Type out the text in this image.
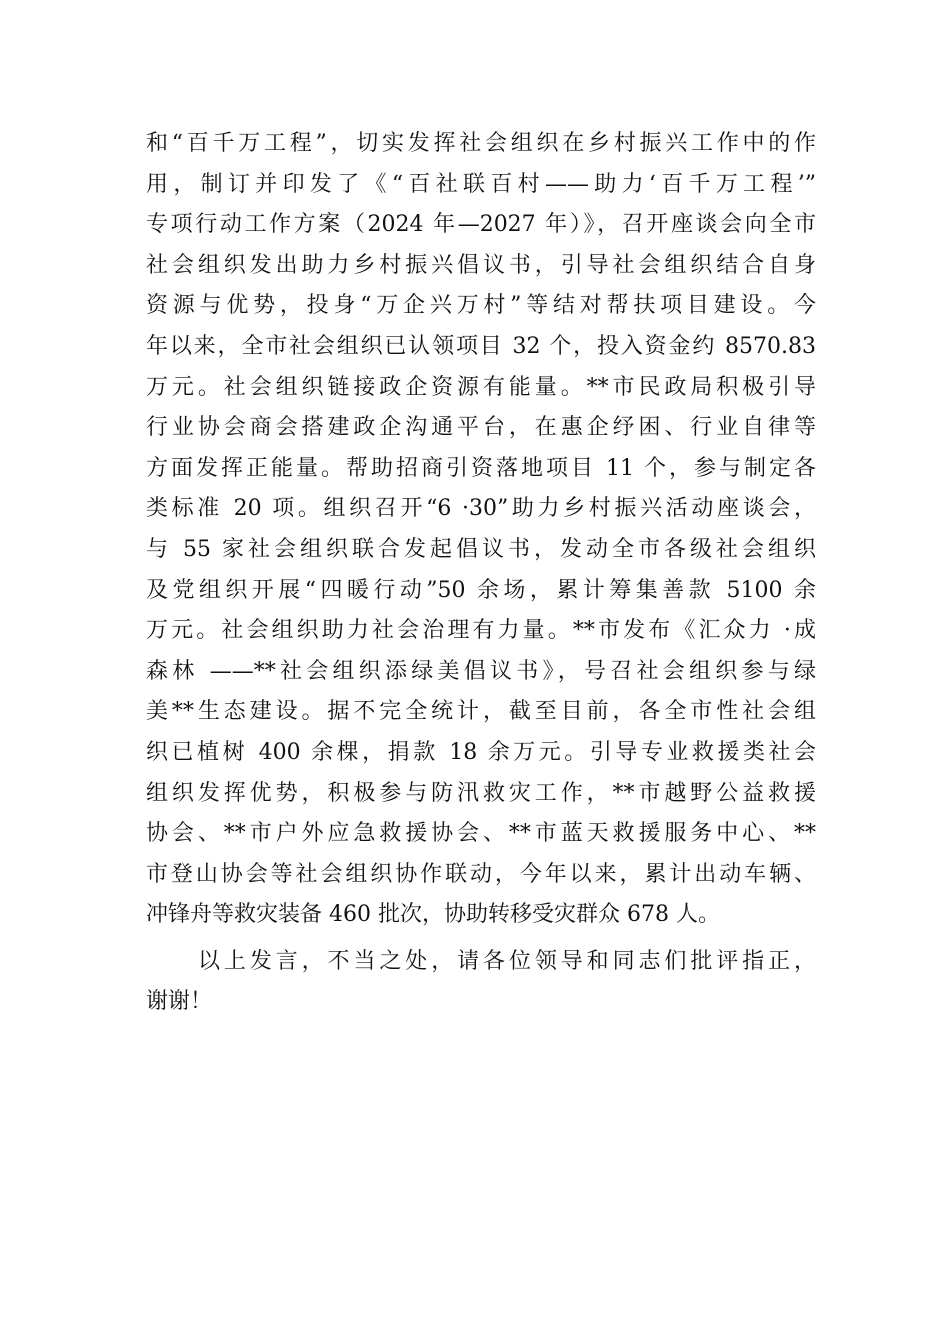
和“百千万工程”，切实发挥社会组织在乡村振兴工作中的作
用，制订并印发了《“百社联百村——助力‘百千万工程’”
专项行动工作方案（2024 年—2027 年）》，召开座谈会向全市
社会组织发出助力乡村振兴倡议书，引导社会组织结合自身
资源与优势，投身“万企兴万村”等结对帮扶项目建设。今
年以来，全市社会组织已认领项目 32 个，投入资金约 8570.83
万元。社会组织链接政企资源有能量。**市民政局积极引导
行业协会商会搭建政企沟通平台，在惠企纾困、行业自律等
方面发挥正能量。帮助招商引资落地项目 11 个，参与制定各
类标准 20 项。组织召开“6 ·30”助力乡村振兴活动座谈会，
与 55 家社会组织联合发起倡议书，发动全市各级社会组织
及党组织开展“四暖行动”50 余场，累计筹集善款 5100 余
万元。社会组织助力社会治理有力量。**市发布《汇众力 ·成
森林 ——**社会组织添绿美倡议书》，号召社会组织参与绿
美**生态建设。据不完全统计，截至目前，各全市性社会组
织已植树 400 余棵，捐款 18 余万元。引导专业救援类社会
组织发挥优势，积极参与防汛救灾工作，**市越野公益救援
协会、**市户外应急救援协会、**市蓝天救援服务中心、**
市登山协会等社会组织协作联动，今年以来，累计出动车辆、
冲锋舟等救灾装备 460 批次，协助转移受灾群众 678 人。
以上发言，不当之处，请各位领导和同志们批评指正，
谢谢！
